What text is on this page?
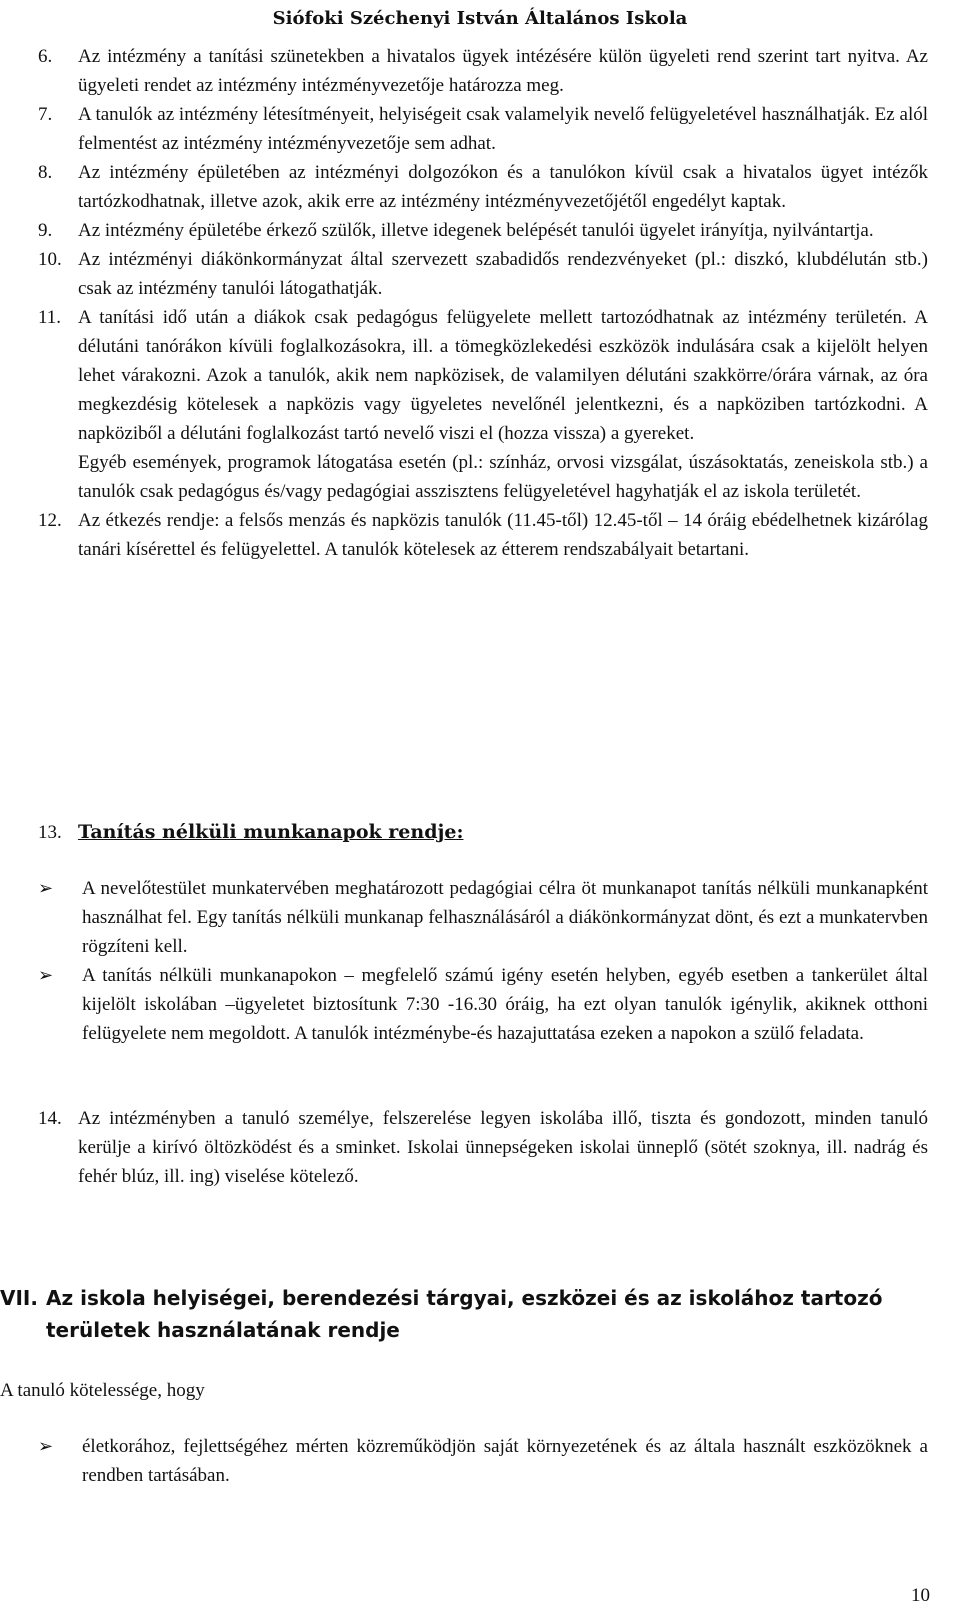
Siófoki Széchenyi István Általános Iskola
6.	Az intézmény a tanítási szünetekben a hivatalos ügyek intézésére külön ügyeleti rend szerint tart nyitva. Az ügyeleti rendet az intézmény intézményvezetője határozza meg.

7.	A tanulók az intézmény létesítményeit, helyiségeit csak valamelyik nevelő felügyeletével használhatják. Ez alól felmentést az intézmény intézményvezetője sem adhat.

8.	Az intézmény épületében az intézményi dolgozókon és a tanulókon kívül csak a hivatalos ügyet intézők tartózkodhatnak, illetve azok, akik erre az intézmény intézményvezetőjétől engedélyt kaptak.

9.	Az intézmény épületébe érkező szülők, illetve idegenek belépését tanulói ügyelet irányítja, nyilvántartja.

10. Az intézményi diákönkormányzat által szervezett szabadidős rendezvényeket (pl.: diszkó, klubdélután stb.) csak az intézmény tanulói látogathatják.

11. A tanítási idő után a diákok csak pedagógus felügyelete mellett tartozódhatnak az intézmény területén. A délutáni tanórákon kívüli foglalkozásokra, ill. a tömegközlekedési eszközök indulására csak a kijelölt helyen lehet várakozni. Azok a tanulók, akik nem napközisek, de valamilyen délutáni szakkörre/órára várnak, az óra megkezdésig kötelesek a napközis vagy ügyeletes nevelőnél jelentkezni, és a napköziben tartózkodni. A napköziből a délutáni foglalkozást tartó nevelő viszi el (hozza vissza) a gyereket.

Egyéb események, programok látogatása esetén (pl.: színház, orvosi vizsgálat, úszásoktatás, zeneiskola stb.) a tanulók csak pedagógus és/vagy pedagógiai asszisztens felügyeletével hagyhatják el az iskola területét.

12. Az étkezés rendje: a felsős menzás és napközis tanulók (11.45-től) 12.45-től – 14 óráig ebédelhetnek kizárólag tanári kísérettel és felügyelettel. A tanulók kötelesek az étterem rendszabályait betartani.

13. Tanítás nélküli munkanapok rendje:
➢	A nevelőtestület munkatervében meghatározott pedagógiai célra öt munkanapot tanítás nélküli munkanapként használhat fel. Egy tanítás nélküli munkanap felhasználásáról a diákönkormányzat dönt, és ezt a munkatervben rögzíteni kell.
➢	A tanítás nélküli munkanapokon – megfelelő számú igény esetén helyben, egyéb esetben a tankerület által kijelölt iskolában –ügyeletet biztosítunk 7:30 -16.30 óráig, ha ezt olyan tanulók igénylik, akiknek otthoni felügyelete nem megoldott. A tanulók intézménybe-és hazajuttatása ezeken a napokon a szülő feladata.
14. Az intézményben a tanuló személye, felszerelése legyen iskolába illő, tiszta és gondozott, minden tanuló kerülje a kirívó öltözködést és a sminket. Iskolai ünnepségeken iskolai ünneplő (sötét szoknya, ill. nadrág és fehér blúz, ill. ing) viselése kötelező.
VII. Az iskola helyiségei, berendezési tárgyai, eszközei és az iskolához tartozó
területek használatának rendje
A tanuló kötelessége, hogy
➢	életkorához, fejlettségéhez mérten közreműködjön saját környezetének és az általa használt eszközöknek a rendben tartásában.
10
